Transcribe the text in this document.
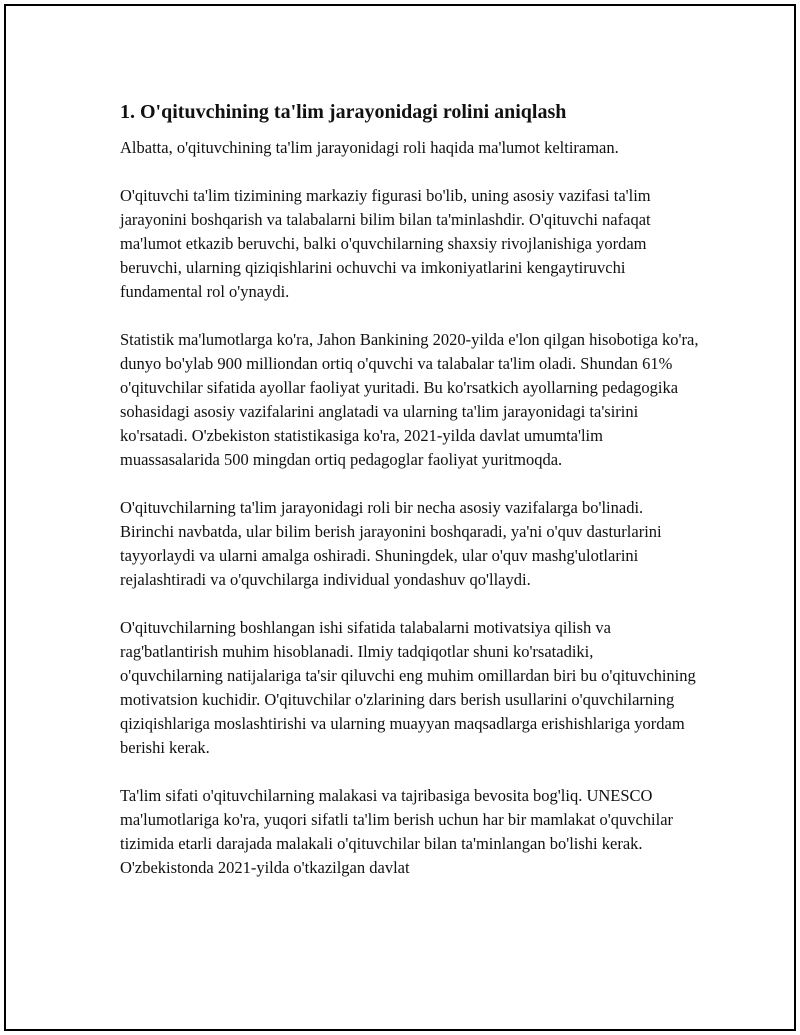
1. O'qituvchining ta'lim jarayonidagi rolini aniqlash

Albatta, o'qituvchining ta'lim jarayonidagi roli haqida ma'lumot keltiraman.

O'qituvchi ta'lim tizimining markaziy figurasi bo'lib, uning asosiy vazifasi ta'lim jarayonini boshqarish va talabalarni bilim bilan ta'minlashdir. O'qituvchi nafaqat ma'lumot etkazib beruvchi, balki o'quvchilarning shaxsiy rivojlanishiga yordam beruvchi, ularning qiziqishlarini ochuvchi va imkoniyatlarini kengaytiruvchi fundamental rol o'ynaydi.

Statistik ma'lumotlarga ko'ra, Jahon Bankining 2020-yilda e'lon qilgan hisobotiga ko'ra, dunyo bo'ylab 900 milliondan ortiq o'quvchi va talabalar ta'lim oladi. Shundan 61% o'qituvchilar sifatida ayollar faoliyat yuritadi. Bu ko'rsatkich ayollarning pedagogika sohasidagi asosiy vazifalarini anglatadi va ularning ta'lim jarayonidagi ta'sirini ko'rsatadi. O'zbekiston statistikasiga ko'ra, 2021-yilda davlat umumta'lim muassasalarida 500 mingdan ortiq pedagoglar faoliyat yuritmoqda.

O'qituvchilarning ta'lim jarayonidagi roli bir necha asosiy vazifalarga bo'linadi. Birinchi navbatda, ular bilim berish jarayonini boshqaradi, ya'ni o'quv dasturlarini tayyorlaydi va ularni amalga oshiradi. Shuningdek, ular o'quv mashg'ulotlarini rejalashtiradi va o'quvchilarga individual yondashuv qo'llaydi.

O'qituvchilarning boshlangan ishi sifatida talabalarni motivatsiya qilish va rag'batlantirish muhim hisoblanadi. Ilmiy tadqiqotlar shuni ko'rsatadiki, o'quvchilarning natijalariga ta'sir qiluvchi eng muhim omillardan biri bu o'qituvchining motivatsion kuchidir. O'qituvchilar o'zlarining dars berish usullarini o'quvchilarning qiziqishlariga moslashtirishi va ularning muayyan maqsadlarga erishishlariga yordam berishi kerak.

Ta'lim sifati o'qituvchilarning malakasi va tajribasiga bevosita bog'liq. UNESCO ma'lumotlariga ko'ra, yuqori sifatli ta'lim berish uchun har bir mamlakat o'quvchilar tizimida etarli darajada malakali o'qituvchilar bilan ta'minlangan bo'lishi kerak. O'zbekistonda 2021-yilda o'tkazilgan davlat
